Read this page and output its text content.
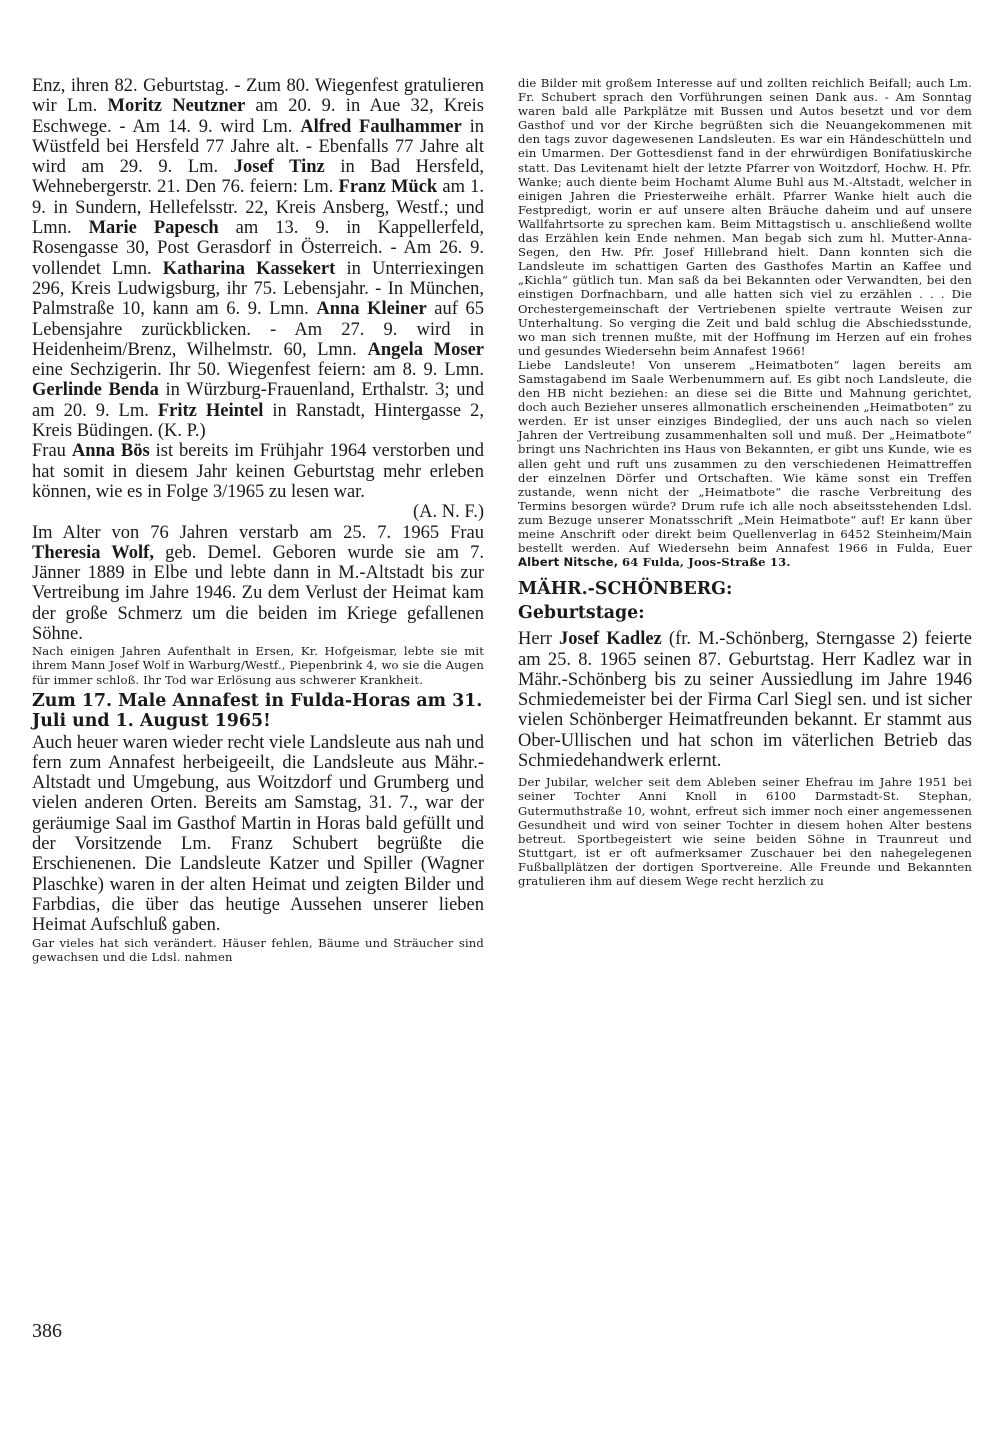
Enz, ihren 82. Geburtstag. - Zum 80. Wiegenfest gratulieren wir Lm. Moritz Neutzner am 20. 9. in Aue 32, Kreis Eschwege. - Am 14. 9. wird Lm. Alfred Faulhammer in Wüstfeld bei Hersfeld 77 Jahre alt. - Ebenfalls 77 Jahre alt wird am 29. 9. Lm. Josef Tinz in Bad Hersfeld, Wehnebergerstr. 21. Den 76. feiern: Lm. Franz Mück am 1. 9. in Sundern, Hellefelsstr. 22, Kreis Ansberg, Westf.; und Lmn. Marie Papesch am 13. 9. in Kappellerfeld, Rosengasse 30, Post Gerasdorf in Österreich. - Am 26. 9. vollendet Lmn. Katharina Kassekert in Unterriexingen 296, Kreis Ludwigsburg, ihr 75. Lebensjahr. - In München, Palmstraße 10, kann am 6. 9. Lmn. Anna Kleiner auf 65 Lebensjahre zurückblicken. - Am 27. 9. wird in Heidenheim/Brenz, Wilhelmstr. 60, Lmn. Angela Moser eine Sechzigerin. Ihr 50. Wiegenfest feiern: am 8. 9. Lmn. Gerlinde Benda in Würzburg-Frauenland, Erthalstr. 3; und am 20. 9. Lm. Fritz Heintel in Ranstadt, Hintergasse 2, Kreis Büdingen. (K. P.)

Frau Anna Bös ist bereits im Frühjahr 1964 verstorben und hat somit in diesem Jahr keinen Geburtstag mehr erleben können, wie es in Folge 3/1965 zu lesen war.

(A. N. F.)

Im Alter von 76 Jahren verstarb am 25. 7. 1965 Frau Theresia Wolf, geb. Demel. Geboren wurde sie am 7. Jänner 1889 in Elbe und lebte dann in M.-Altstadt bis zur Vertreibung im Jahre 1946. Zu dem Verlust der Heimat kam der große Schmerz um die beiden im Kriege gefallenen Söhne.

Nach einigen Jahren Aufenthalt in Ersen, Kr. Hofgeismar, lebte sie mit ihrem Mann Josef Wolf in Warburg/Westf., Piepenbrink 4, wo sie die Augen für immer schloß. Ihr Tod war Erlösung aus schwerer Krankheit.

Zum 17. Male Annafest in Fulda-Horas am 31. Juli und 1. August 1965!

Auch heuer waren wieder recht viele Landsleute aus nah und fern zum Annafest herbeigeeilt, die Landsleute aus Mähr.-Altstadt und Umgebung, aus Woitzdorf und Grumberg und vielen anderen Orten. Bereits am Samstag, 31. 7., war der geräumige Saal im Gasthof Martin in Horas bald gefüllt und der Vorsitzende Lm. Franz Schubert begrüßte die Erschienenen. Die Landsleute Katzer und Spiller (Wagner Plaschke) waren in der alten Heimat und zeigten Bilder und Farbdias, die über das heutige Aussehen unserer lieben Heimat Aufschluß gaben.

Gar vieles hat sich verändert. Häuser fehlen, Bäume und Sträucher sind gewachsen und die Ldsl. nahmen

die Bilder mit großem Interesse auf und zollten reichlich Beifall; auch Lm. Fr. Schubert sprach den Vorführungen seinen Dank aus. - Am Sonntag waren bald alle Parkplätze mit Bussen und Autos besetzt und vor dem Gasthof und vor der Kirche begrüßten sich die Neuangekommenen mit den tags zuvor dagewesenen Landsleuten. Es war ein Händeschütteln und ein Umarmen. Der Gottesdienst fand in der ehrwürdigen Bonifatiuskirche statt. Das Levitenamt hielt der letzte Pfarrer von Woitzdorf, Hochw. H. Pfr. Wanke; auch diente beim Hochamt Alume Buhl aus M.-Altstadt, welcher in einigen Jahren die Priesterweihe erhält. Pfarrer Wanke hielt auch die Festpredigt, worin er auf unsere alten Bräuche daheim und auf unsere Wallfahrtsorte zu sprechen kam. Beim Mittagstisch u. anschließend wollte das Erzählen kein Ende nehmen. Man begab sich zum hl. Mutter-Anna-Segen, den Hw. Pfr. Josef Hillebrand hielt. Dann konnten sich die Landsleute im schattigen Garten des Gasthofes Martin an Kaffee und „Kichla“ gütlich tun. Man saß da bei Bekannten oder Verwandten, bei den einstigen Dorfnachbarn, und alle hatten sich viel zu erzählen . . . Die Orchestergemeinschaft der Vertriebenen spielte vertraute Weisen zur Unterhaltung. So verging die Zeit und bald schlug die Abschiedsstunde, wo man sich trennen mußte, mit der Hoffnung im Herzen auf ein frohes und gesundes Wiedersehn beim Annafest 1966!

Liebe Landsleute! Von unserem „Heimatboten“ lagen bereits am Samstagabend im Saale Werbenummern auf. Es gibt noch Landsleute, die den HB nicht beziehen: an diese sei die Bitte und Mahnung gerichtet, doch auch Bezieher unseres allmonatlich erscheinenden „Heimatboten“ zu werden. Er ist unser einziges Bindeglied, der uns auch nach so vielen Jahren der Vertreibung zusammenhalten soll und muß. Der „Heimatbote“ bringt uns Nachrichten ins Haus von Bekannten, er gibt uns Kunde, wie es allen geht und ruft uns zusammen zu den verschiedenen Heimattreffen der einzelnen Dörfer und Ortschaften. Wie käme sonst ein Treffen zustande, wenn nicht der „Heimatbote“ die rasche Verbreitung des Termins besorgen würde? Drum rufe ich alle noch abseitsstehenden Ldsl. zum Bezuge unserer Monatsschrift „Mein Heimatbote“ auf! Er kann über meine Anschrift oder direkt beim Quellenverlag in 6452 Steinheim/Main bestellt werden. Auf Wiedersehn beim Annafest 1966 in Fulda, Euer Albert Nitsche, 64 Fulda, Joos-Straße 13.

MÄHR.-SCHÖNBERG:
Geburtstage:

Herr Josef Kadlez (fr. M.-Schönberg, Sterngasse 2) feierte am 25. 8. 1965 seinen 87. Geburtstag. Herr Kadlez war in Mähr.-Schönberg bis zu seiner Aussiedlung im Jahre 1946 Schmiedemeister bei der Firma Carl Siegl sen. und ist sicher vielen Schönberger Heimatfreunden bekannt. Er stammt aus Ober-Ullischen und hat schon im väterlichen Betrieb das Schmiedehandwerk erlernt.

Der Jubilar, welcher seit dem Ableben seiner Ehefrau im Jahre 1951 bei seiner Tochter Anni Knoll in 6100 Darmstadt-St. Stephan, Gutermuthstraße 10, wohnt, erfreut sich immer noch einer angemessenen Gesundheit und wird von seiner Tochter in diesem hohen Alter bestens betreut. Sportbegeistert wie seine beiden Söhne in Traunreut und Stuttgart, ist er oft aufmerksamer Zuschauer bei den nahegelegenen Fußballplätzen der dortigen Sportvereine. Alle Freunde und Bekannten gratulieren ihm auf diesem Wege recht herzlich zu

386
